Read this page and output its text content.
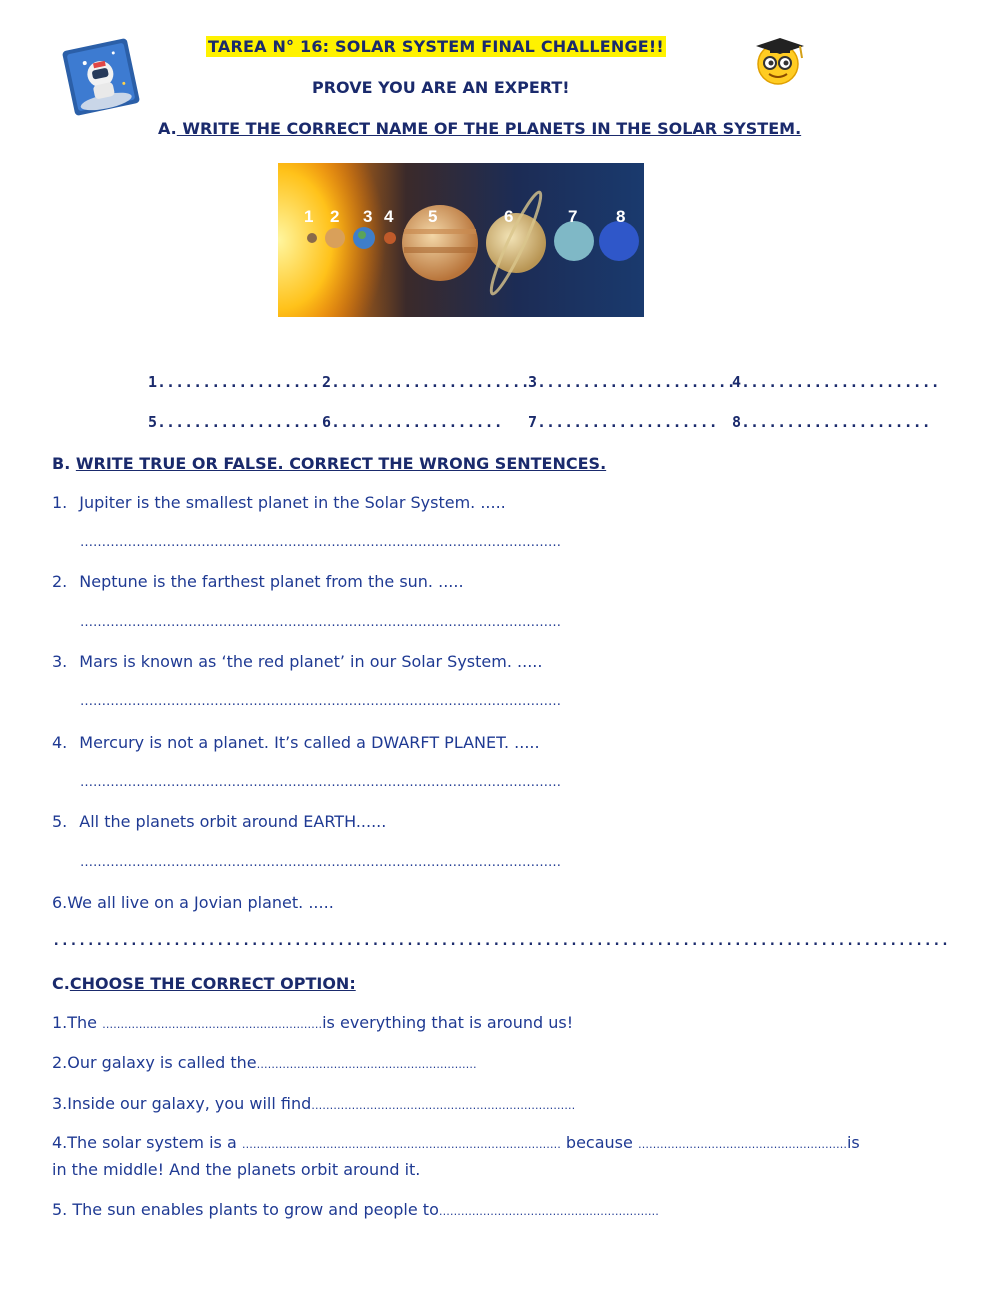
TAREA N° 16: SOLAR SYSTEM FINAL CHALLENGE!!
PROVE YOU ARE AN EXPERT!
A. WRITE THE CORRECT NAME OF THE PLANETS IN THE SOLAR SYSTEM.
1 2 3 4 5	6	7 8
1.................. 2......................
3......................
4......................
5.................. 6................... 7.................... 8.....................
B. WRITE TRUE OR FALSE. CORRECT THE WRONG SENTENCES.
1. Jupiter is the smallest planet in the Solar System. .....
…………………………………………………………………………………………………
2. Neptune is the farthest planet from the sun. .....
…………………………………………………………………………………………………
3. Mars is known as ‘the red planet’ in our Solar System. .....
…………………………………………………………………………………………………
4. Mercury is not a planet. It’s called a DWARFT PLANET. .....
…………………………………………………………………………………………………
5. All the planets orbit around EARTH......
…………………………………………………………………………………………………
6.We all live on a Jovian planet. .....
........................................................................................................
C.CHOOSE THE CORRECT OPTION:
1.The ……………………………………………………is everything that is around us!
2.Our galaxy is called the……………………………………………………
3.Inside our galaxy, you will find………………………………………………………………
4.The solar system is a …………………………………………………………………………… because …………………………………………………is
in the middle! And the planets orbit around it.
5. The sun enables plants to grow and people to……………………………………………………
